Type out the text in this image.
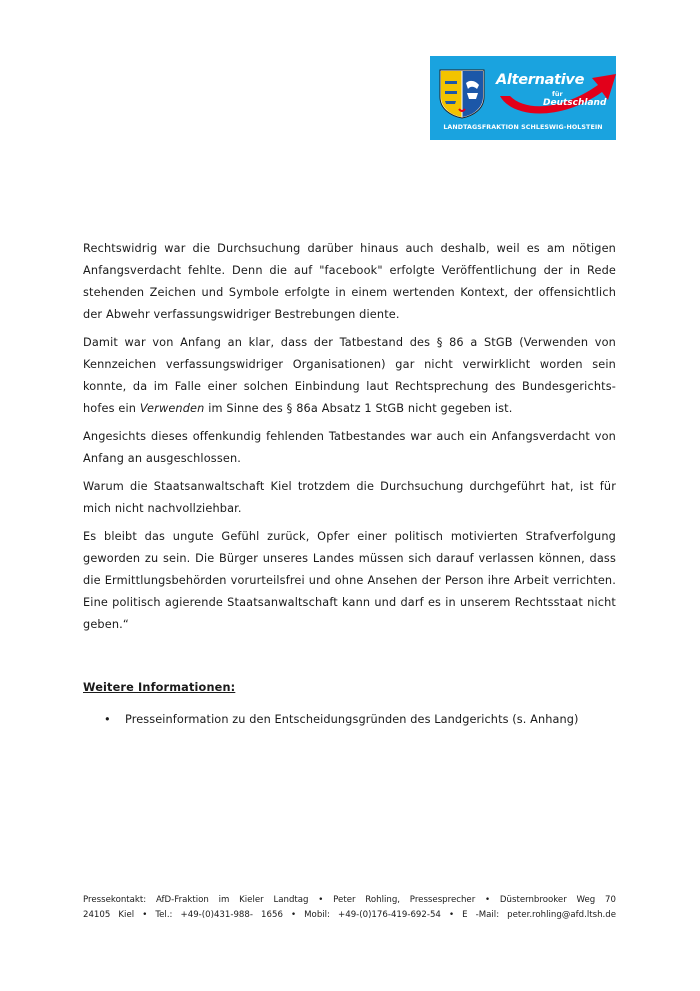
Alternative
für
Deutschland
LANDTAGSFRAKTION SCHLESWIG-HOLSTEIN

Rechtswidrig war die Durchsuchung darüber hinaus auch deshalb, weil es am nötigen Anfangsverdacht fehlte. Denn die auf "facebook" erfolgte Veröffentlichung der in Rede stehenden Zeichen und Symbole erfolgte in einem wertenden Kontext, der offensichtlich der Abwehr verfassungswidriger Bestrebungen diente.

Damit war von Anfang an klar, dass der Tatbestand des § 86 a StGB (Verwenden von Kennzeichen verfassungswidriger Organisationen) gar nicht verwirklicht worden sein konnte, da im Falle einer solchen Einbindung laut Rechtsprechung des Bundesgerichts-hofes ein Verwenden im Sinne des § 86a Absatz 1 StGB nicht gegeben ist.

Angesichts dieses offenkundig fehlenden Tatbestandes war auch ein Anfangsverdacht von Anfang an ausgeschlossen.

Warum die Staatsanwaltschaft Kiel trotzdem die Durchsuchung durchgeführt hat, ist für mich nicht nachvollziehbar.

Es bleibt das ungute Gefühl zurück, Opfer einer politisch motivierten Strafverfolgung geworden zu sein. Die Bürger unseres Landes müssen sich darauf verlassen können, dass die Ermittlungsbehörden vorurteilsfrei und ohne Ansehen der Person ihre Arbeit verrichten. Eine politisch agierende Staatsanwaltschaft kann und darf es in unserem Rechtsstaat nicht geben.“

Weitere Informationen:
• Presseinformation zu den Entscheidungsgründen des Landgerichts (s. Anhang)
Pressekontakt: AfD-Fraktion im Kieler Landtag • Peter Rohling, Pressesprecher • Düsternbrooker Weg 70
24105 Kiel • Tel.: +49-(0)431-988- 1656 • Mobil: +49-(0)176-419-692-54 • E -Mail: peter.rohling@afd.ltsh.de
